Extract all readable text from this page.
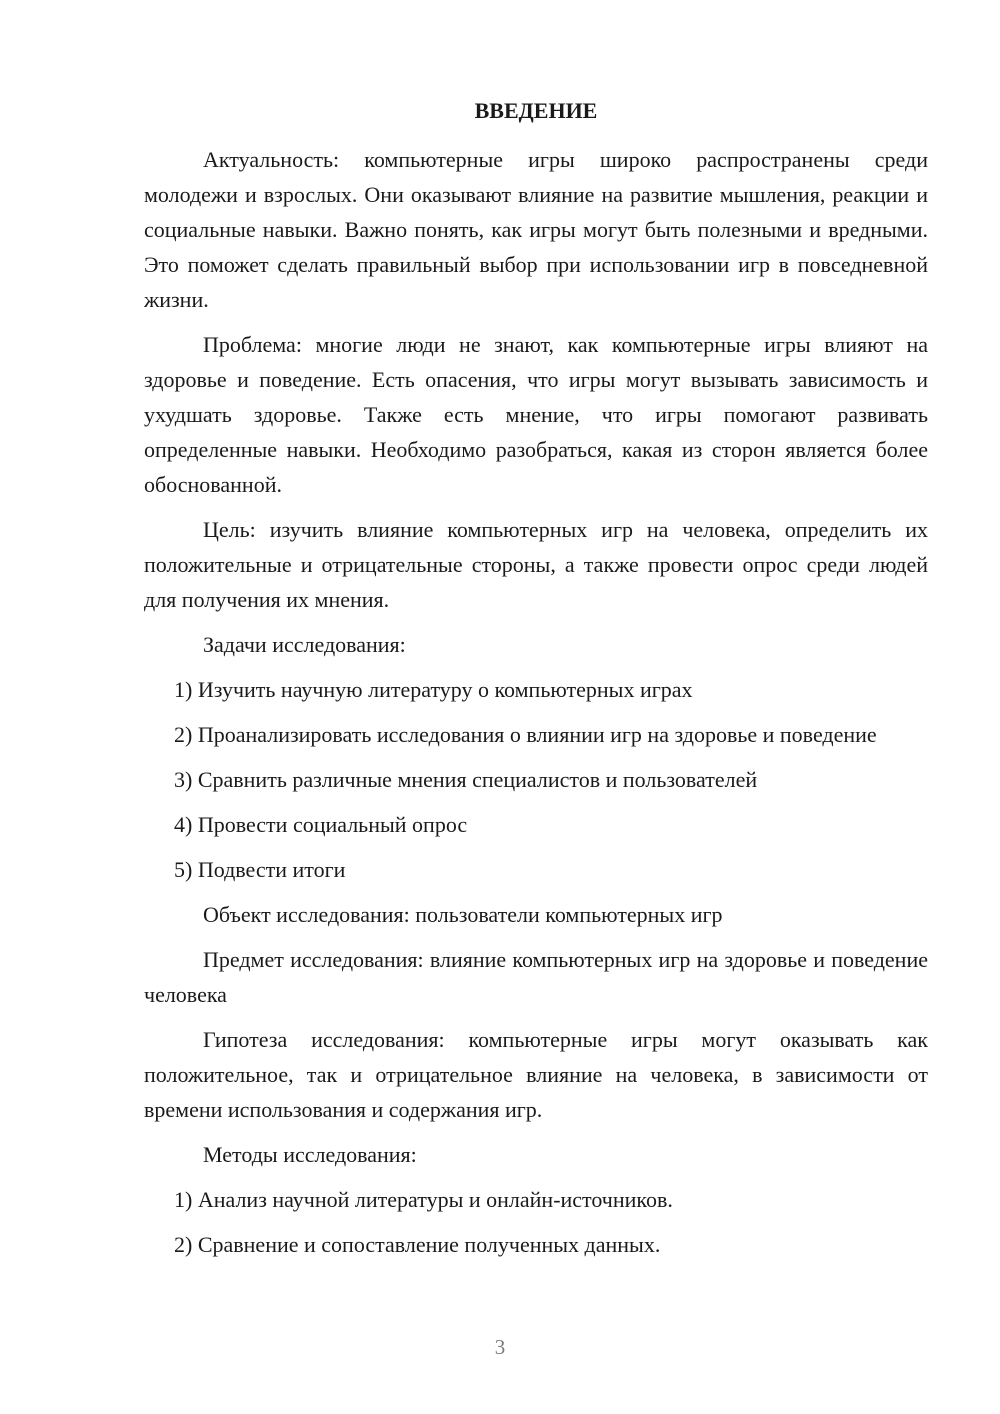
ВВЕДЕНИЕ

Актуальность: компьютерные игры широко распространены среди молодежи и взрослых. Они оказывают влияние на развитие мышления, реакции и социальные навыки. Важно понять, как игры могут быть полезными и вредными. Это поможет сделать правильный выбор при использовании игр в повседневной жизни.

Проблема: многие люди не знают, как компьютерные игры влияют на здоровье и поведение. Есть опасения, что игры могут вызывать зависимость и ухудшать здоровье. Также есть мнение, что игры помогают развивать определенные навыки. Необходимо разобраться, какая из сторон является более обоснованной.

Цель: изучить влияние компьютерных игр на человека, определить их положительные и отрицательные стороны, а также провести опрос среди людей для получения их мнения.

Задачи исследования:

1) Изучить научную литературу о компьютерных играх

2) Проанализировать исследования о влиянии игр на здоровье и поведение

3) Сравнить различные мнения специалистов и пользователей

4) Провести социальный опрос

5) Подвести итоги

Объект исследования: пользователи компьютерных игр

Предмет исследования: влияние компьютерных игр на здоровье и поведение человека

Гипотеза исследования: компьютерные игры могут оказывать как положительное, так и отрицательное влияние на человека, в зависимости от времени использования и содержания игр.

Методы исследования:

1) Анализ научной литературы и онлайн-источников.

2) Сравнение и сопоставление полученных данных.

3
